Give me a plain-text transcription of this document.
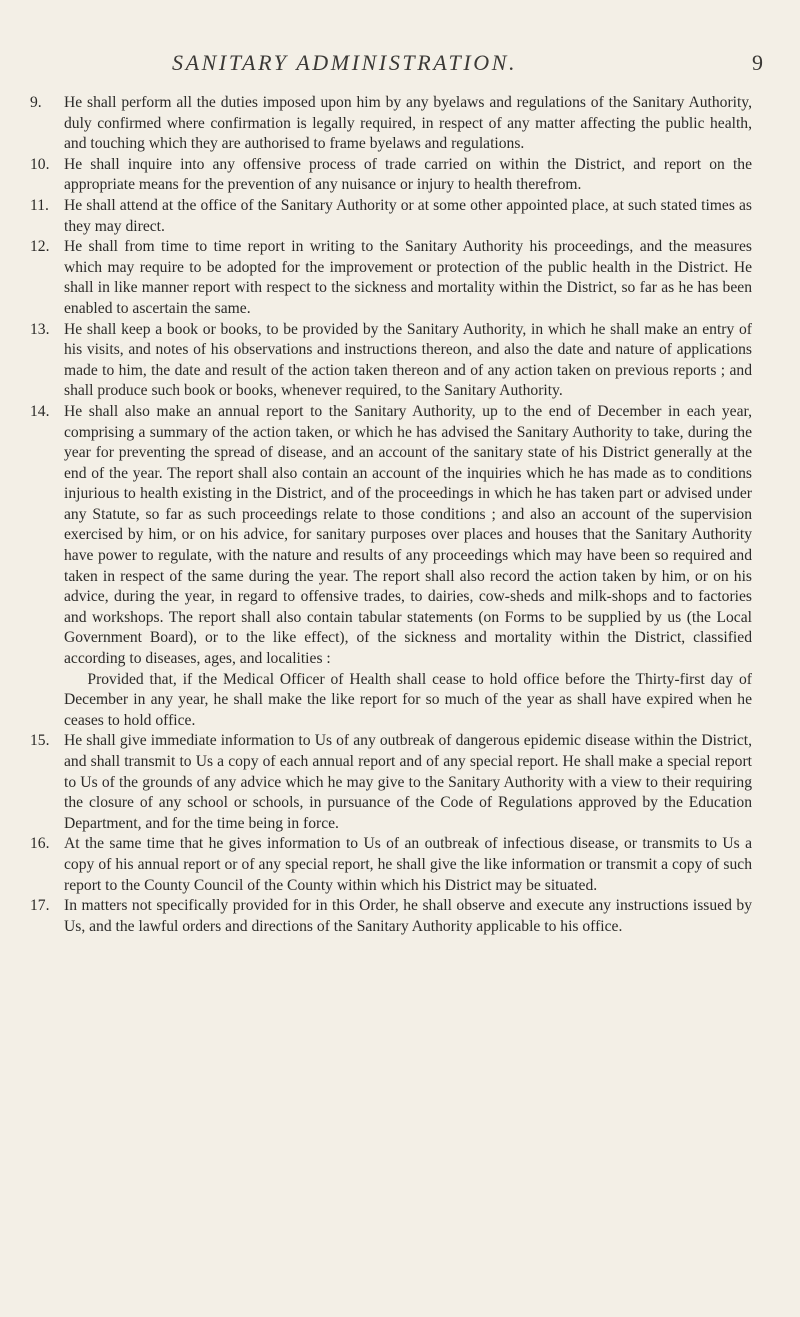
SANITARY ADMINISTRATION.	9

9.	He shall perform all the duties imposed upon him by any byelaws and regulations of the Sanitary Authority, duly confirmed where confirmation is legally required, in respect of any matter affecting the public health, and touching which they are authorised to frame byelaws and regulations.

10. He shall inquire into any offensive process of trade carried on within the District, and report on the appropriate means for the prevention of any nuisance or injury to health therefrom.

11. He shall attend at the office of the Sanitary Authority or at some other appointed place, at such stated times as they may direct.

12. He shall from time to time report in writing to the Sanitary Authority his proceedings, and the measures which may require to be adopted for the improvement or protection of the public health in the District. He shall in like manner report with respect to the sickness and mortality within the District, so far as he has been enabled to ascertain the same.

13. He shall keep a book or books, to be provided by the Sanitary Authority, in which he shall make an entry of his visits, and notes of his observations and instructions thereon, and also the date and nature of applications made to him, the date and result of the action taken thereon and of any action taken on previous reports ; and shall produce such book or books, whenever required, to the Sanitary Authority.

14. He shall also make an annual report to the Sanitary Authority, up to the end of December in each year, comprising a summary of the action taken, or which he has advised the Sanitary Authority to take, during the year for preventing the spread of disease, and an account of the sanitary state of his District generally at the end of the year. The report shall also contain an account of the inquiries which he has made as to conditions injurious to health existing in the District, and of the proceedings in which he has taken part or advised under any Statute, so far as such proceedings relate to those conditions ; and also an account of the supervision exercised by him, or on his advice, for sanitary purposes over places and houses that the Sanitary Authority have power to regulate, with the nature and results of any proceedings which may have been so required and taken in respect of the same during the year. The report shall also record the action taken by him, or on his advice, during the year, in regard to offensive trades, to dairies, cow-sheds and milk-shops and to factories and workshops. The report shall also contain tabular statements (on Forms to be supplied by us (the Local Government Board), or to the like effect), of the sickness and mortality within the District, classified according to diseases, ages, and localities :
  Provided that, if the Medical Officer of Health shall cease to hold office before the Thirty-first day of December in any year, he shall make the like report for so much of the year as shall have expired when he ceases to hold office.

15. He shall give immediate information to Us of any outbreak of dangerous epidemic disease within the District, and shall transmit to Us a copy of each annual report and of any special report. He shall make a special report to Us of the grounds of any advice which he may give to the Sanitary Authority with a view to their requiring the closure of any school or schools, in pursuance of the Code of Regulations approved by the Education Department, and for the time being in force.

16. At the same time that he gives information to Us of an outbreak of infectious disease, or transmits to Us a copy of his annual report or of any special report, he shall give the like information or transmit a copy of such report to the County Council of the County within which his District may be situated.

17. In matters not specifically provided for in this Order, he shall observe and execute any instructions issued by Us, and the lawful orders and directions of the Sanitary Authority applicable to his office.
